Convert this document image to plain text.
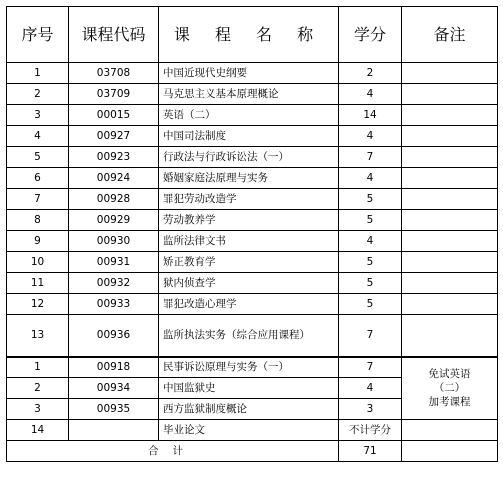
序号	课程代码	课 程 名 称	学分	备注
1	03708	中国近现代史纲要	2	
2	03709	马克思主义基本原理概论	4	
3	00015	英语（二）	14	
4	00927	中国司法制度	4	
5	00923	行政法与行政诉讼法（一）	7	
6	00924	婚姻家庭法原理与实务	4	
7	00928	罪犯劳动改造学	5	
8	00929	劳动教养学	5	
9	00930	监所法律文书	4	
10	00931	矫正教育学	5	
11	00932	狱内侦查学	5	
12	00933	罪犯改造心理学	5	
13	00936	监所执法实务（综合应用课程）	7	
1	00918	民事诉讼原理与实务（一）	7	免试英语
（二）
加考课程

2	00934	中国监狱史	4	
3	00935	西方监狱制度概论	3	
14		毕业论文	不计学分	
合计			71	
